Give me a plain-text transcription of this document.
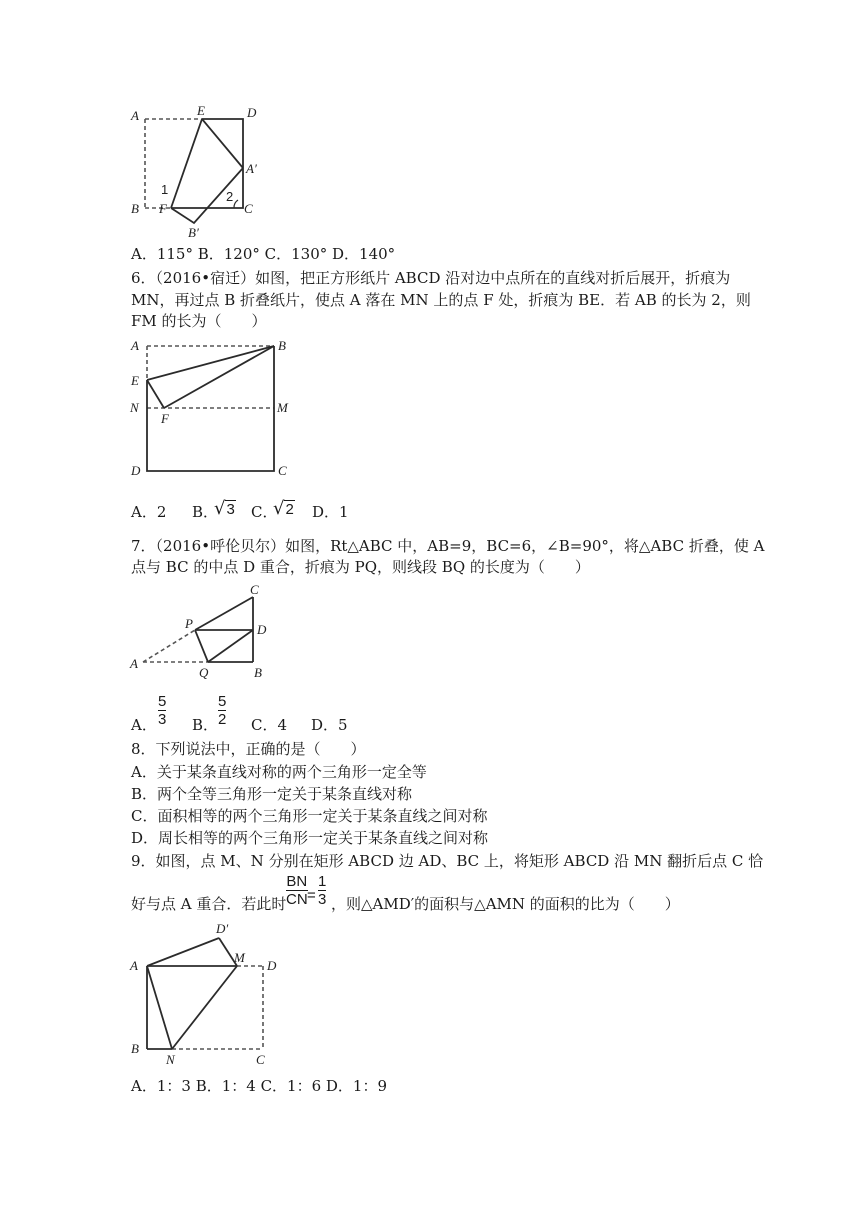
A	E	D
A′
B F	C
B′
1	2
A．115° B．120° C．130° D．140°
6．（2016•宿迁）如图，把正方形纸片 ABCD 沿对边中点所在的直线对折后展开，折痕为
MN，再过点 B 折叠纸片，使点 A 落在 MN 上的点 F 处，折痕为 BE．若 AB 的长为 2，则
FM 的长为（　　）
A	B
E
N	M
F
D	C
A．2 B．
√3 C．
√2 D．1
7．（2016•呼伦贝尔）如图，Rt△ABC 中，AB=9，BC=6，∠B=90°，将△ABC 折叠，使 A
点与 BC 的中点 D 重合，折痕为 PQ，则线段 BQ 的长度为（　　）
C
P	D
A
Q	B
A．
5
3 B．
5
2 C．4 D．5
8．下列说法中，正确的是（　　）
A．关于某条直线对称的两个三角形一定全等
B．两个全等三角形一定关于某条直线对称
C．面积相等的两个三角形一定关于某条直线之间对称
D．周长相等的两个三角形一定关于某条直线之间对称
9．如图，点 M、N 分别在矩形 ABCD 边 AD、BC 上，将矩形 ABCD 沿 MN 翻折后点 C 恰
好与点 A 重合．若此时
BN
CN =
1
3 ，则△AMD′的面积与△AMN 的面积的比为（　　）
D′
A
M
D
B
N	C
A．1：3 B．1：4 C．1：6 D．1：9
